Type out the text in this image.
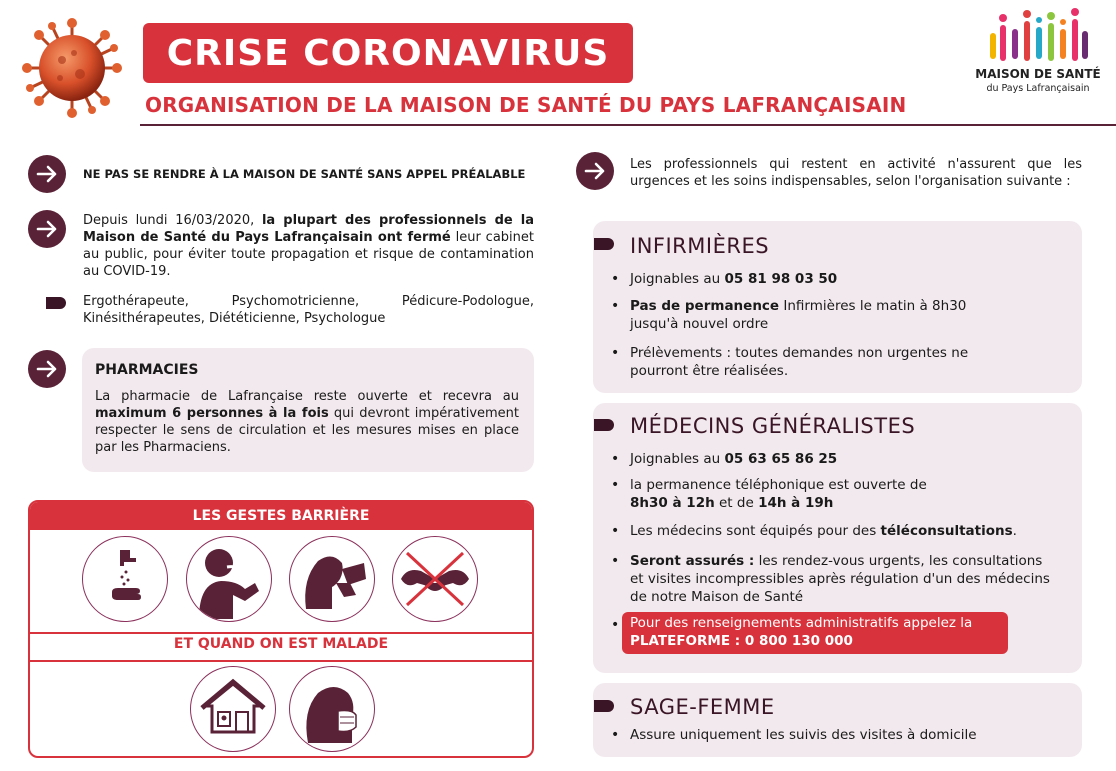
CRISE CORONAVIRUS
ORGANISATION DE LA MAISON DE SANTÉ DU PAYS LAFRANÇAISAIN
MAISON DE SANTÉ
du Pays Lafrançaisain
NE PAS SE RENDRE À LA MAISON DE SANTÉ SANS APPEL PRÉALABLE
Depuis lundi 16/03/2020, la plupart des professionnels de la Maison de Santé du Pays Lafrançaisain ont fermé leur cabinet au public, pour éviter toute propagation et risque de contamination au COVID-19.
Ergothérapeute, Psychomotricienne, Pédicure-Podologue, Kinésithérapeutes, Diététicienne, Psychologue
PHARMACIES
La pharmacie de Lafrançaise reste ouverte et recevra au maximum 6 personnes à la fois qui devront impérativement respecter le sens de circulation et les mesures mises en place par les Pharmaciens.
LES GESTES BARRIÈRE
ET QUAND ON EST MALADE
Les professionnels qui restent en activité n'assurent que les urgences et les soins indispensables, selon l'organisation suivante :
INFIRMIÈRES
• Joignables au 05 81 98 03 50
• Pas de permanence Infirmières le matin à 8h30 jusqu'à nouvel ordre
• Prélèvements : toutes demandes non urgentes ne pourront être réalisées.
MÉDECINS GÉNÉRALISTES
• Joignables au 05 63 65 86 25
• la permanence téléphonique est ouverte de
8h30 à 12h et de 14h à 19h
• Les médecins sont équipés pour des téléconsultations.
• Seront assurés : les rendez-vous urgents, les consultations et visites incompressibles après régulation d'un des médecins de notre Maison de Santé
• Pour des renseignements administratifs appelez la
PLATEFORME : 0 800 130 000
SAGE-FEMME
• Assure uniquement les suivis des visites à domicile
